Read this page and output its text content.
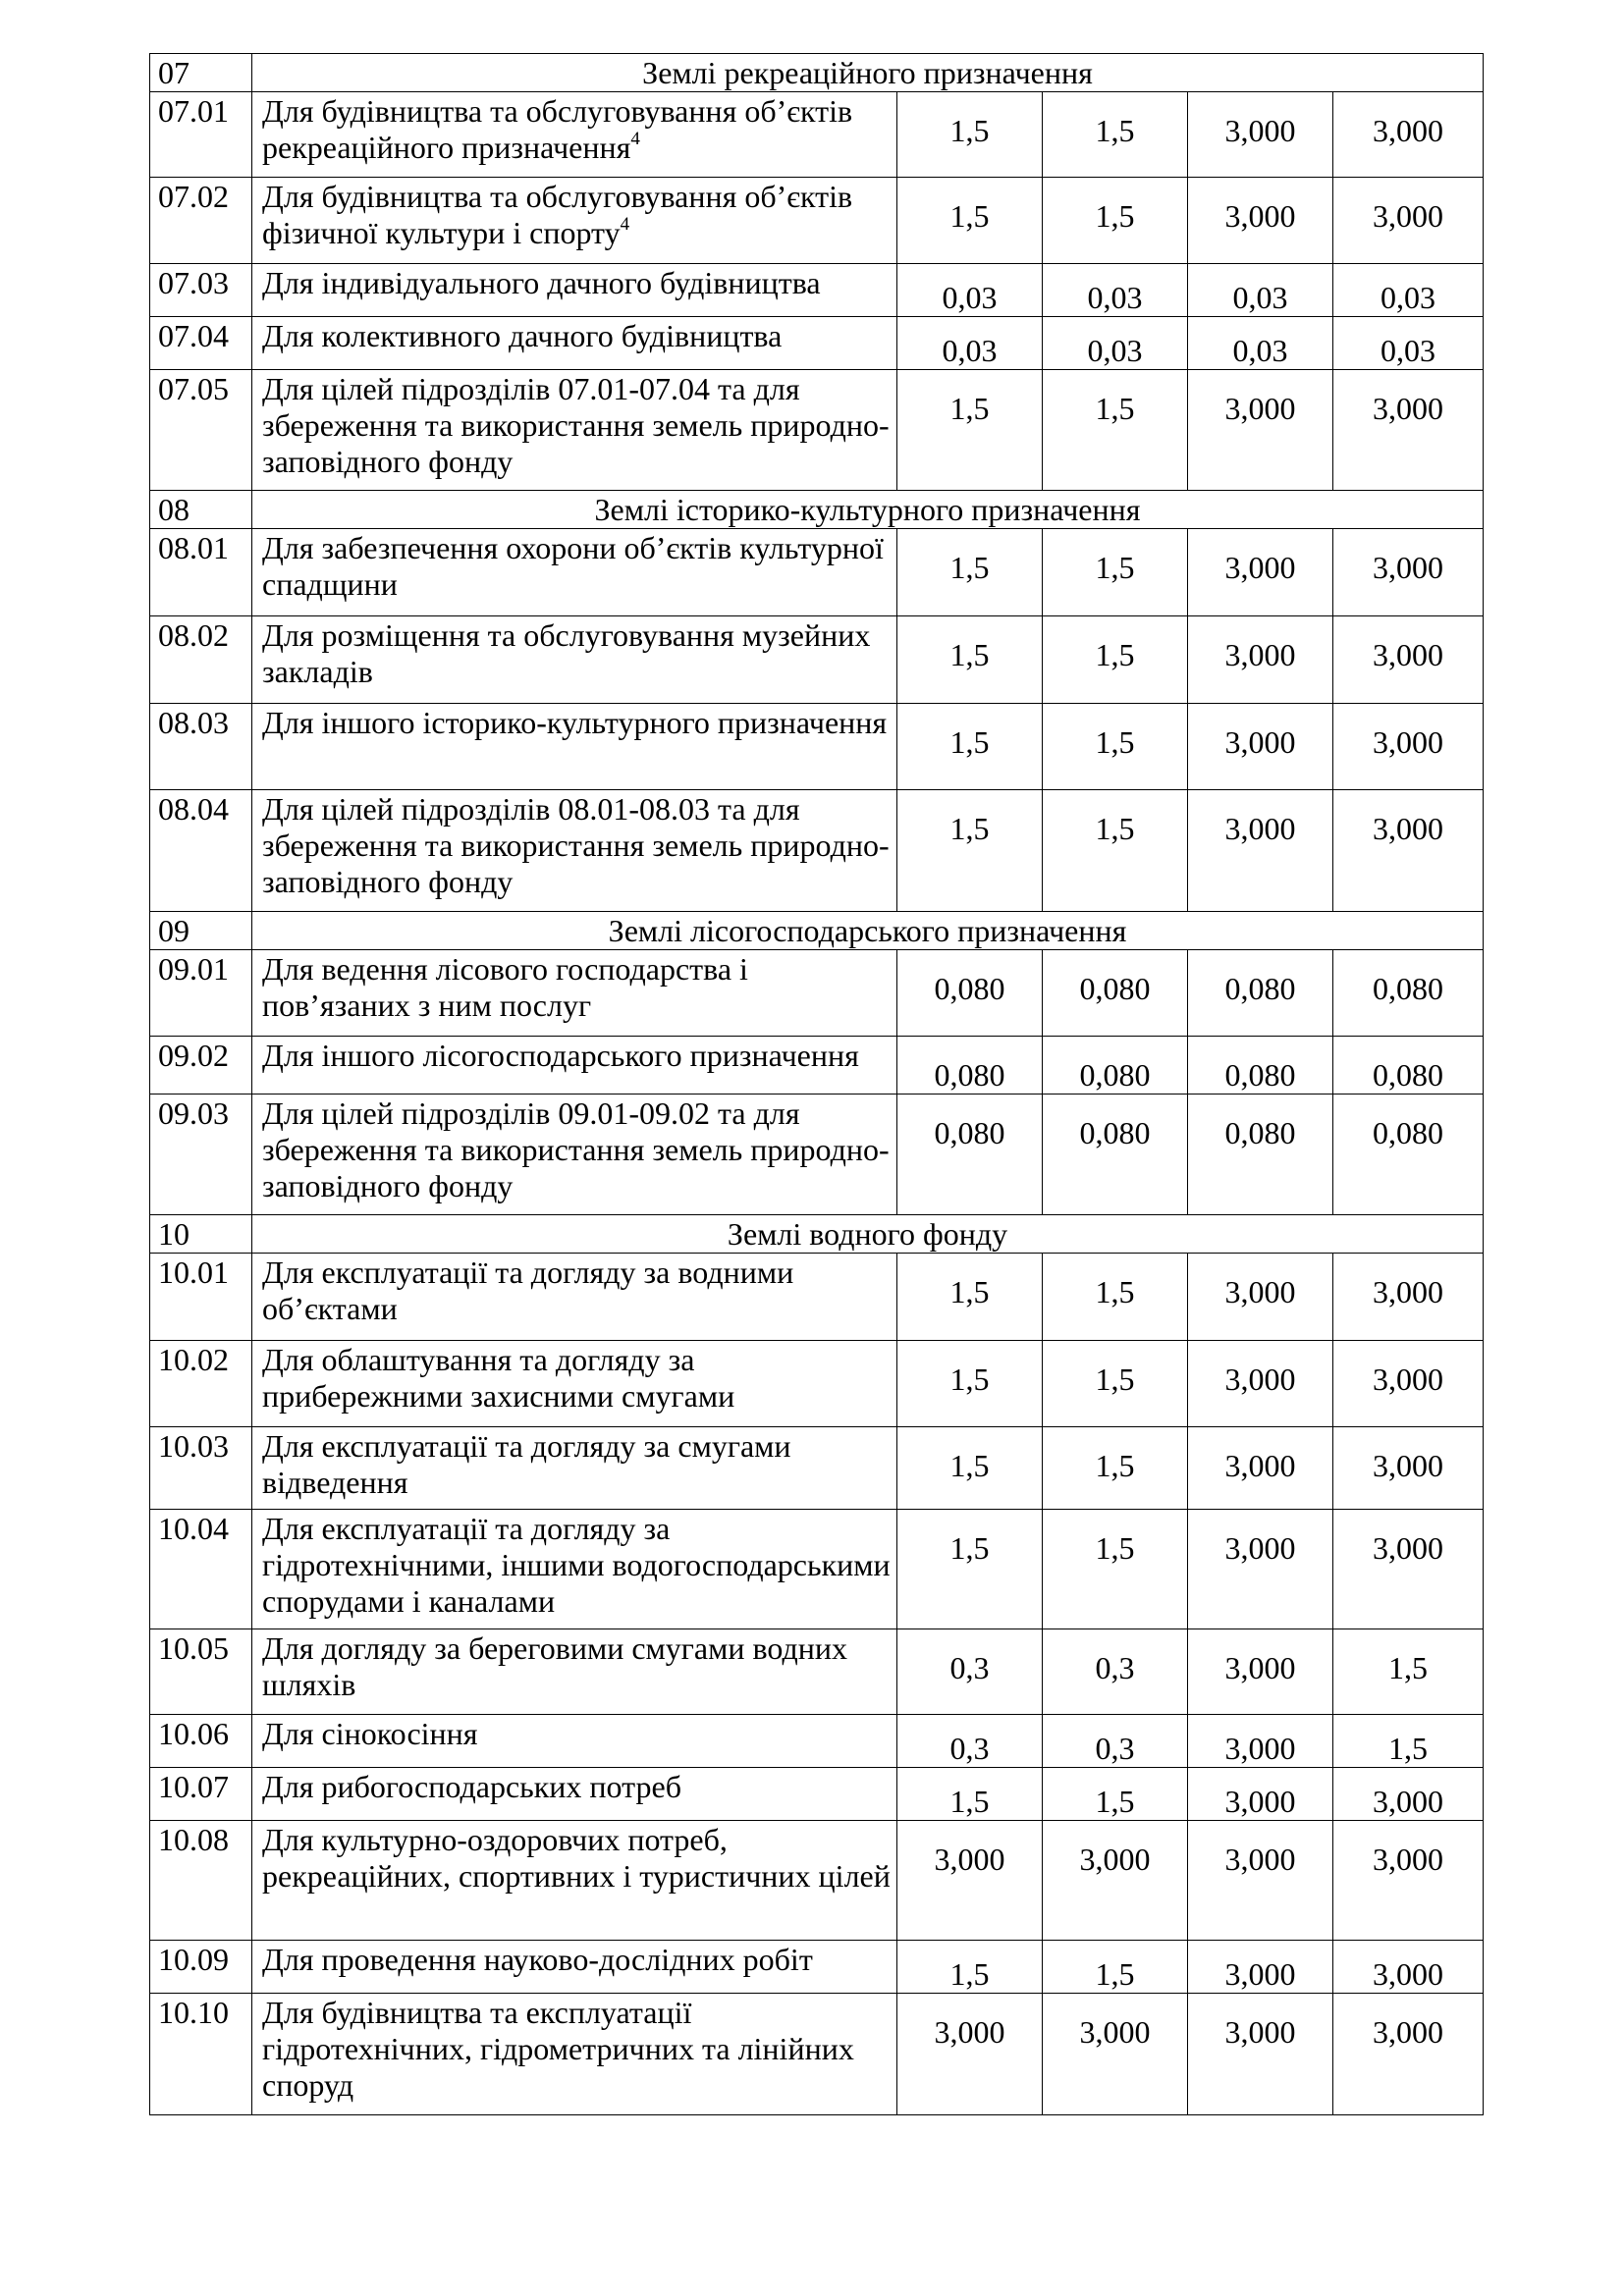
07	Землі рекреаційного призначення				
07.01	Для будівництва та обслуговування об’єктів рекреаційного призначення$^4$	1,5	1,5	3,000	3,000
07.02	Для будівництва та обслуговування об’єктів фізичної культури і спорту$^4$	1,5	1,5	3,000	3,000
07.03	Для індивідуального дачного будівництва	0,03	0,03	0,03	0,03
07.04	Для колективного дачного будівництва	0,03	0,03	0,03	0,03
07.05	Для цілей підрозділів 07.01-07.04 та для збереження та використання земель природно-заповідного фонду	1,5	1,5	3,000	3,000
08	Землі історико-культурного призначення				
08.01	Для забезпечення охорони об’єктів культурної спадщини	1,5	1,5	3,000	3,000
08.02	Для розміщення та обслуговування музейних закладів	1,5	1,5	3,000	3,000
08.03	Для іншого історико-культурного призначення	1,5	1,5	3,000	3,000
08.04	Для цілей підрозділів 08.01-08.03 та для збереження та використання земель природно-заповідного фонду	1,5	1,5	3,000	3,000
09	Землі лісогосподарського призначення				
09.01	Для ведення лісового господарства і пов’язаних з ним послуг	0,080	0,080	0,080	0,080
09.02	Для іншого лісогосподарського призначення	0,080	0,080	0,080	0,080
09.03	Для цілей підрозділів 09.01-09.02 та для збереження та використання земель природно-заповідного фонду	0,080	0,080	0,080	0,080
10	Землі водного фонду				
10.01	Для експлуатації та догляду за водними об’єктами	1,5	1,5	3,000	3,000
10.02	Для облаштування та догляду за прибережними захисними смугами	1,5	1,5	3,000	3,000
10.03	Для експлуатації та догляду за смугами відведення	1,5	1,5	3,000	3,000
10.04	Для експлуатації та догляду за гідротехнічними, іншими водогосподарськими спорудами і каналами	1,5	1,5	3,000	3,000
10.05	Для догляду за береговими смугами водних шляхів	0,3	0,3	3,000	1,5
10.06	Для сінокосіння	0,3	0,3	3,000	1,5
10.07	Для рибогосподарських потреб	1,5	1,5	3,000	3,000
10.08	Для культурно-оздоровчих потреб, рекреаційних, спортивних і туристичних цілей	3,000	3,000	3,000	3,000
10.09	Для проведення науково-дослідних робіт	1,5	1,5	3,000	3,000
10.10	Для будівництва та експлуатації гідротехнічних, гідрометричних та лінійних споруд	3,000	3,000	3,000	3,000
